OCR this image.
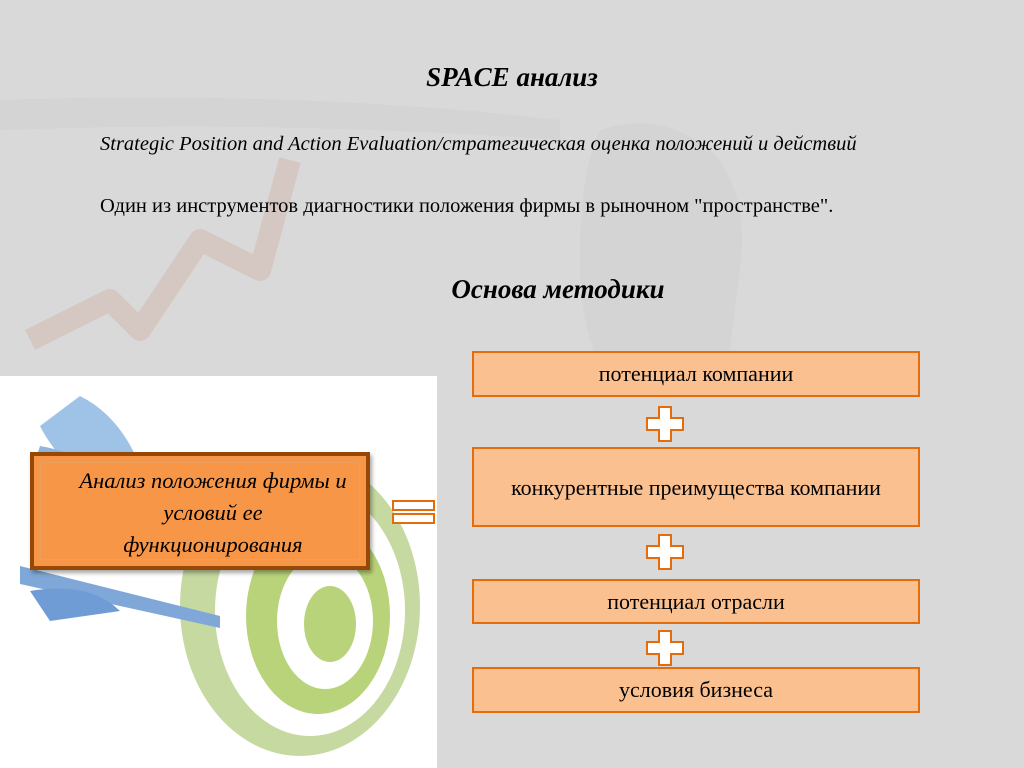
SPACE анализ
Strategic Position and Action Evaluation/стратегическая оценка положений и действий
Один из инструментов диагностики положения фирмы в рыночном "пространстве".
Основа методики
Анализ положения фирмы и условий ее функционирования
потенциал компании
конкурентные преимущества компании
потенциал отрасли
условия бизнеса
